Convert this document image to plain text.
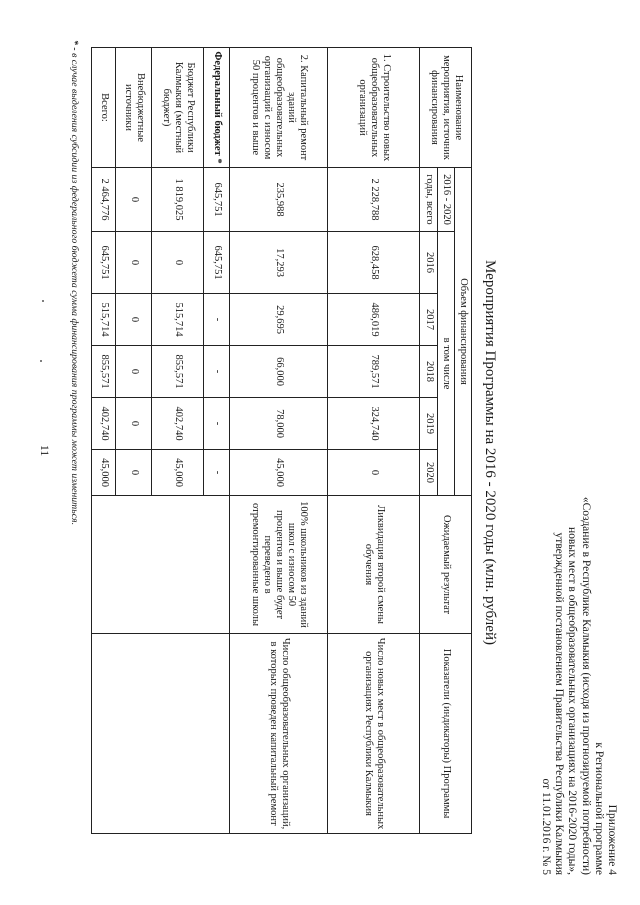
Приложение 4
к Региональной программе
«Создание в Республике Калмыкия (исходя из прогнозируемой потребности)
новых мест в общеобразовательных организациях на 2016-2020 годы»,
утвержденной постановлением Правительства Республики Калмыкия
от 11.01.2016 г. № 5
Мероприятия Программы на 2016 - 2020 годы (млн. рублей)
Наименование мероприятия, источник финансирования	Объем финансирования						Ожидаемый результат	Показатели (индикаторы) Программы
	2016 - 2020	в том числе						
	годы, всего	2016	2017	2018	2019	2020		
1. Строительство новых общеобразовательных организаций	2 228,788	628,458	486,019	789,571	324,740	0	Ликвидация второй смены обучения	Число новых мест в общеобразовательных организациях Республики Калмыкия
2. Капитальный ремонт зданий общеобразовательных организаций с износом 50 процентов и выше	235,988	17,293	29,695	66,000	78,000	45,000	100% школьников из зданий школ с износом 50 процентов и выше будет переведено в отремонтированные школы	Число общеобразовательных организаций, в которых проведен капитальный ремонт
Федеральный бюджет *	645,751	645,751	-	-	-	-		
Бюджет Республики Калмыкия (местный бюджет)	1 819,025	0	515,714	855,571	402,740	45,000		
Внебюджетные источники	0	0	0	0	0	0		
Всего:	2 464,776	645,751	515,714	855,571	402,740	45,000		
* - в случае выделения субсидии из федерального бюджета сумма финансирования программы может измениться.
11
